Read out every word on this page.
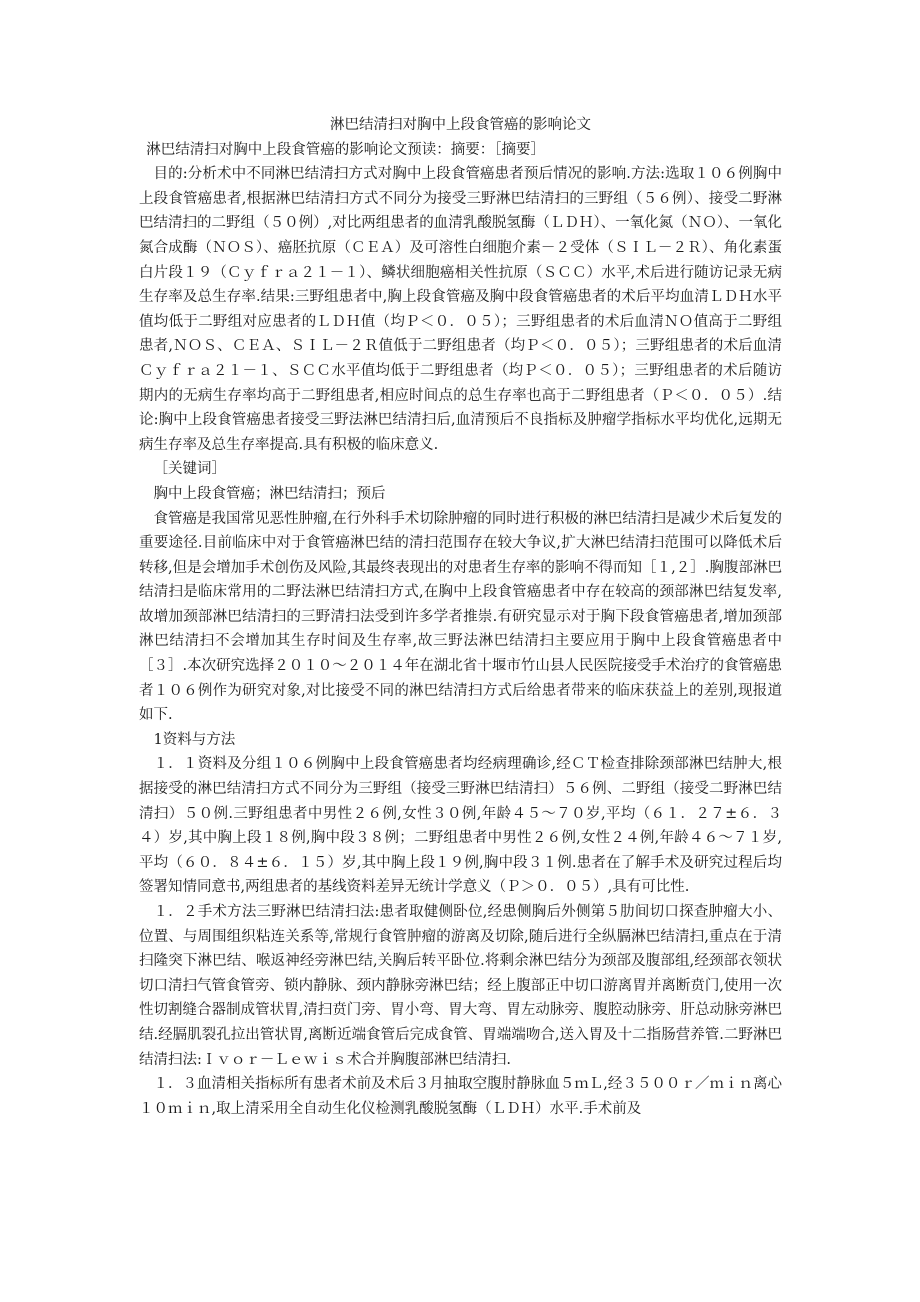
淋巴结清扫对胸中上段食管癌的影响论文

淋巴结清扫对胸中上段食管癌的影响论文预读：摘要：［摘要］

目的:分析术中不同淋巴结清扫方式对胸中上段食管癌患者预后情况的影响.方法:选取１０６例胸中上段食管癌患者,根据淋巴结清扫方式不同分为接受三野淋巴结清扫的三野组（５６例）、接受二野淋巴结清扫的二野组（５０例）,对比两组患者的血清乳酸脱氢酶（ＬＤＨ）、一氧化氮（ＮＯ）、一氧化氮合成酶（ＮＯＳ）、癌胚抗原（ＣＥＡ）及可溶性白细胞介素－２受体（ＳＩＬ－２Ｒ）、角化素蛋白片段１９（Ｃｙｆｒａ２１－１）、鳞状细胞癌相关性抗原（ＳＣＣ）水平,术后进行随访记录无病生存率及总生存率.结果:三野组患者中,胸上段食管癌及胸中段食管癌患者的术后平均血清ＬＤＨ水平值均低于二野组对应患者的ＬＤＨ值（均Ｐ＜０．０５）；三野组患者的术后血清ＮＯ值高于二野组患者,ＮＯＳ、ＣＥＡ、ＳＩＬ－２Ｒ值低于二野组患者（均Ｐ＜０．０５）；三野组患者的术后血清Ｃｙｆｒａ２１－１、ＳＣＣ水平值均低于二野组患者（均Ｐ＜０．０５）；三野组患者的术后随访期内的无病生存率均高于二野组患者,相应时间点的总生存率也高于二野组患者（Ｐ＜０．０５）.结论:胸中上段食管癌患者接受三野法淋巴结清扫后,血清预后不良指标及肿瘤学指标水平均优化,远期无病生存率及总生存率提高.具有积极的临床意义.

［关键词］

胸中上段食管癌；淋巴结清扫；预后

食管癌是我国常见恶性肿瘤,在行外科手术切除肿瘤的同时进行积极的淋巴结清扫是减少术后复发的重要途径.目前临床中对于食管癌淋巴结的清扫范围存在较大争议,扩大淋巴结清扫范围可以降低术后转移,但是会增加手术创伤及风险,其最终表现出的对患者生存率的影响不得而知［１,２］.胸腹部淋巴结清扫是临床常用的二野法淋巴结清扫方式,在胸中上段食管癌患者中存在较高的颈部淋巴结复发率,故增加颈部淋巴结清扫的三野清扫法受到许多学者推崇.有研究显示对于胸下段食管癌患者,增加颈部淋巴结清扫不会增加其生存时间及生存率,故三野法淋巴结清扫主要应用于胸中上段食管癌患者中［３］.本次研究选择２０１０～２０１４年在湖北省十堰市竹山县人民医院接受手术治疗的食管癌患者１０６例作为研究对象,对比接受不同的淋巴结清扫方式后给患者带来的临床获益上的差别,现报道如下.

1资料与方法

１．１资料及分组１０６例胸中上段食管癌患者均经病理确诊,经ＣＴ检查排除颈部淋巴结肿大,根据接受的淋巴结清扫方式不同分为三野组（接受三野淋巴结清扫）５６例、二野组（接受二野淋巴结清扫）５０例.三野组患者中男性２６例,女性３０例,年龄４５～７０岁,平均（６１．２７±６．３４）岁,其中胸上段１８例,胸中段３８例；二野组患者中男性２６例,女性２４例,年龄４６～７１岁,平均（６０．８４±６．１５）岁,其中胸上段１９例,胸中段３１例.患者在了解手术及研究过程后均签署知情同意书,两组患者的基线资料差异无统计学意义（Ｐ＞０．０５）,具有可比性.

１．２手术方法三野淋巴结清扫法:患者取健侧卧位,经患侧胸后外侧第５肋间切口探查肿瘤大小、位置、与周围组织粘连关系等,常规行食管肿瘤的游离及切除,随后进行全纵膈淋巴结清扫,重点在于清扫隆突下淋巴结、喉返神经旁淋巴结,关胸后转平卧位.将剩余淋巴结分为颈部及腹部组,经颈部衣领状切口清扫气管食管旁、锁内静脉、颈内静脉旁淋巴结；经上腹部正中切口游离胃并离断贲门,使用一次性切割缝合器制成管状胃,清扫贲门旁、胃小弯、胃大弯、胃左动脉旁、腹腔动脉旁、肝总动脉旁淋巴结.经膈肌裂孔拉出管状胃,离断近端食管后完成食管、胃端端吻合,送入胃及十二指肠营养管.二野淋巴结清扫法:Ｉｖｏｒ－Ｌｅｗｉｓ术合并胸腹部淋巴结清扫.

１．３血清相关指标所有患者术前及术后３月抽取空腹肘静脉血５ｍＬ,经３５００ｒ／ｍｉｎ离心１０ｍｉｎ,取上清采用全自动生化仪检测乳酸脱氢酶（ＬＤＨ）水平.手术前及
